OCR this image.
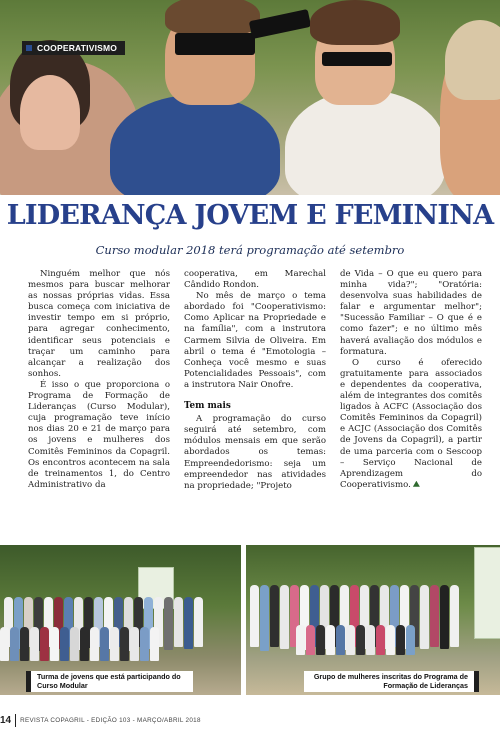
COOPERATIVISMO
LIDERANÇA JOVEM E FEMININA
Curso modular 2018 terá programação até setembro

Ninguém melhor que nós mesmos para buscar melhorar as nossas próprias vidas. Essa busca começa com iniciativa de investir tempo em si próprio, para agregar conhecimento, identificar seus potenciais e traçar um caminho para alcançar a realização dos sonhos.

É isso o que proporciona o Programa de Formação de Lideranças (Curso Modular), cuja programação teve início nos dias 20 e 21 de março para os jovens e mulheres dos Comitês Femininos da Copagril. Os encontros acontecem na sala de treinamentos 1, do Centro Administrativo da

cooperativa, em Marechal Cândido Rondon.

No mês de março o tema abordado foi "Cooperativismo: Como Aplicar na Propriedade e na família", com a instrutora Carmem Silvia de Oliveira. Em abril o tema é "Emotologia – Conheça você mesmo e suas Potencialidades Pessoais", com a instrutora Nair Onofre.

Tem mais

A programação do curso seguirá até setembro, com módulos mensais em que serão abordados os temas: Empreendedorismo: seja um empreendedor nas atividades na propriedade; "Projeto

de Vida – O que eu quero para minha vida?"; "Oratória: desenvolva suas habilidades de falar e argumentar melhor"; "Sucessão Familiar – O que é e como fazer"; e no último mês haverá avaliação dos módulos e formatura.

O curso é oferecido gratuitamente para associados e dependentes da cooperativa, além de integrantes dos comitês ligados à ACFC (Associação dos Comitês Femininos da Copagril) e ACJC (Associação dos Comitês de Jovens da Copagril), a partir de uma parceria com o Sescoop – Serviço Nacional de Aprendizagem do Cooperativismo.

Turma de jovens que está participando do Curso Modular
Grupo de mulheres inscritas do Programa de Formação de Lideranças
14 REVISTA COPAGRIL - EDIÇÃO 103 - MARÇO/ABRIL 2018
